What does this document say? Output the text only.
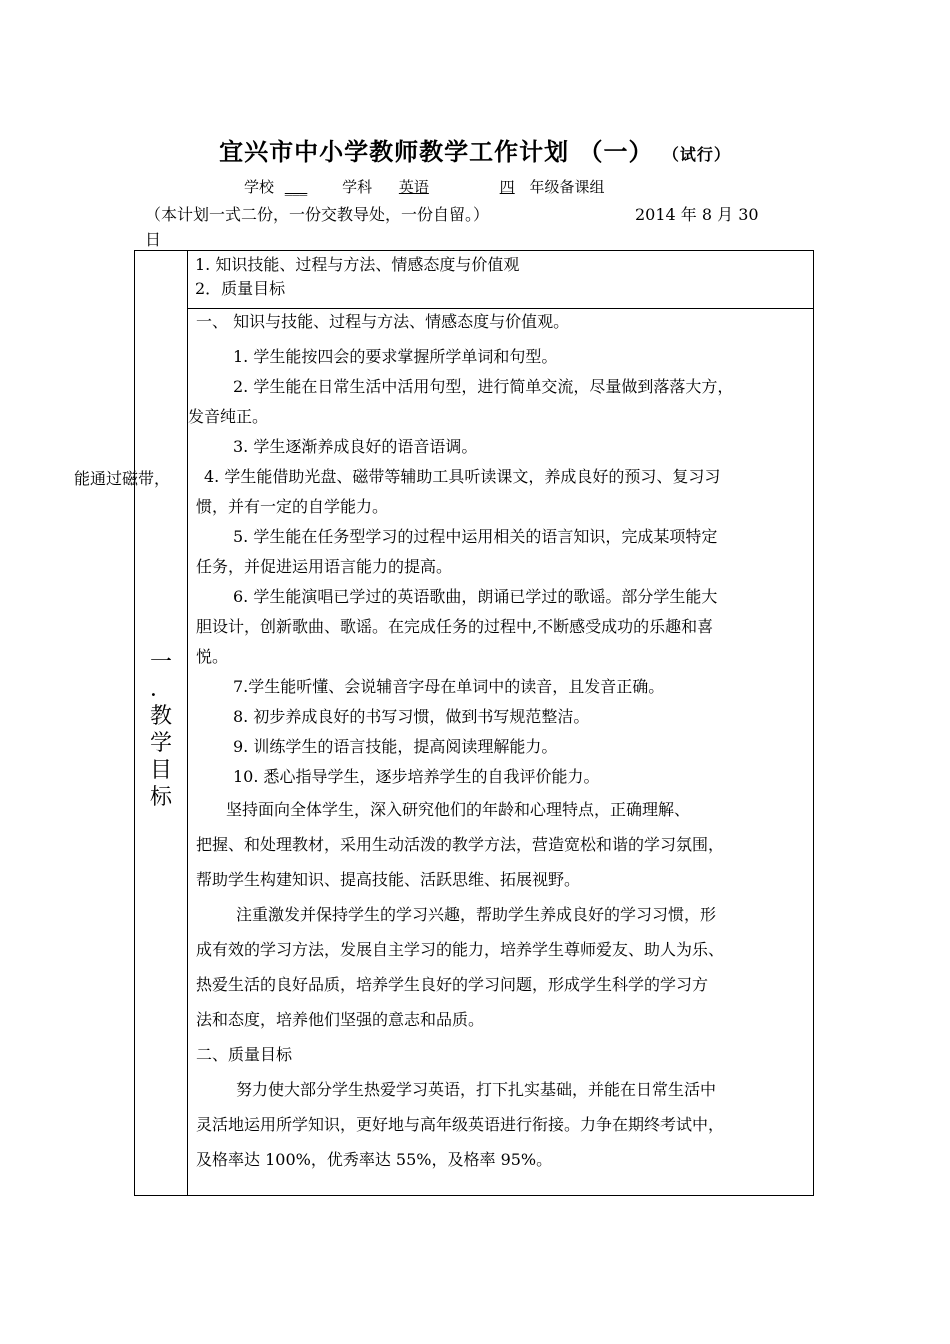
宜兴市中小学教师教学工作计划 （一） （试行）
学校 ___ 学科 英语	四 年级备课组
（本计划一式二份，一份交教导处，一份自留。）	2014 年 8 月 30
日
1. 知识技能、过程与方法、情感态度与价值观
2．质量目标
一
．
教
学
目
标
能通过磁带，

一、 知识与技能、过程与方法、情感态度与价值观。

1. 学生能按四会的要求掌握所学单词和句型。

2. 学生能在日常生活中活用句型，进行简单交流，尽量做到落落大方，

发音纯正。

3. 学生逐渐养成良好的语音语调。

4. 学生能借助光盘、磁带等辅助工具听读课文，养成良好的预习、复习习

惯，并有一定的自学能力。

5. 学生能在任务型学习的过程中运用相关的语言知识，完成某项特定

任务，并促进运用语言能力的提高。

6. 学生能演唱已学过的英语歌曲，朗诵已学过的歌谣。部分学生能大

胆设计，创新歌曲、歌谣。在完成任务的过程中,不断感受成功的乐趣和喜

悦。

7.学生能听懂、会说辅音字母在单词中的读音，且发音正确。

8. 初步养成良好的书写习惯，做到书写规范整洁。

9. 训练学生的语言技能，提高阅读理解能力。

10. 悉心指导学生，逐步培养学生的自我评价能力。

坚持面向全体学生，深入研究他们的年龄和心理特点，正确理解、

把握、和处理教材，采用生动活泼的教学方法，营造宽松和谐的学习氛围，

帮助学生构建知识、提高技能、活跃思维、拓展视野。

注重激发并保持学生的学习兴趣，帮助学生养成良好的学习习惯，形

成有效的学习方法，发展自主学习的能力，培养学生尊师爱友、助人为乐、

热爱生活的良好品质，培养学生良好的学习问题，形成学生科学的学习方

法和态度，培养他们坚强的意志和品质。

二、质量目标

努力使大部分学生热爱学习英语，打下扎实基础，并能在日常生活中

灵活地运用所学知识，更好地与高年级英语进行衔接。力争在期终考试中，

及格率达 100%，优秀率达 55%，及格率 95%。
